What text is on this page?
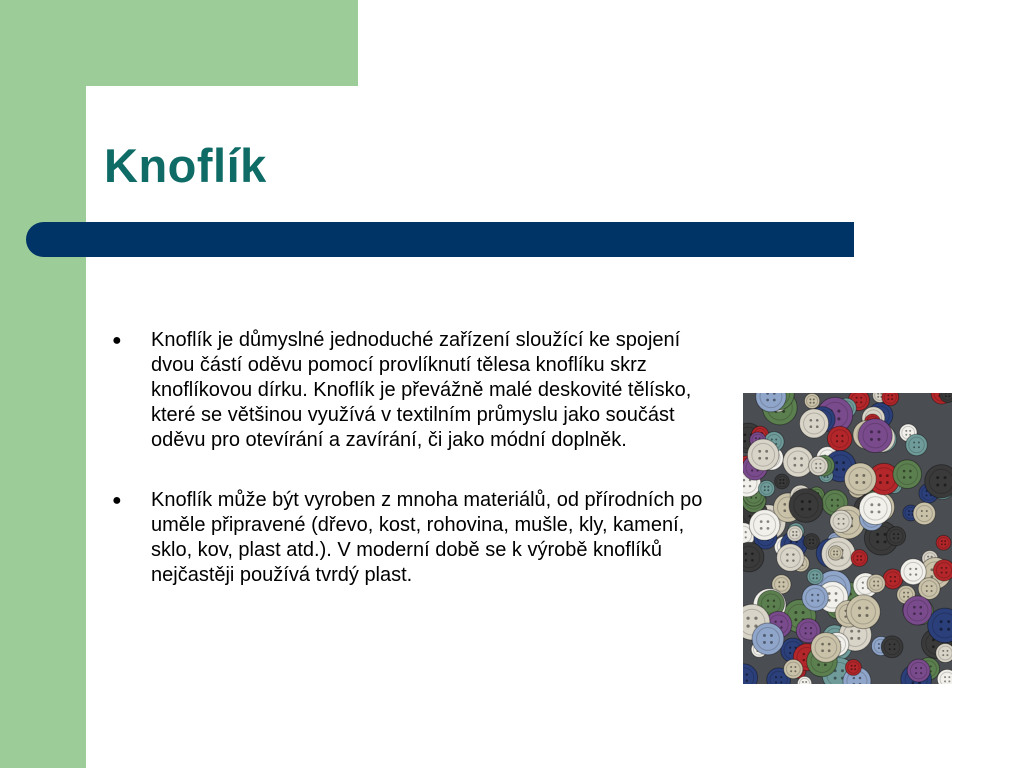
Knoflík
●	Knoflík je důmyslné jednoduché zařízení sloužící ke spojení dvou částí oděvu pomocí provlíknutí tělesa knoflíku skrz knoflíkovou dírku. Knoflík je převážně malé deskovité tělísko, které se většinou využívá v textilním průmyslu jako součást oděvu pro otevírání a zavírání, či jako módní doplněk.
●	Knoflík může být vyroben z mnoha materiálů, od přírodních po uměle připravené (dřevo, kost, rohovina, mušle, kly, kamení, sklo, kov, plast atd.). V moderní době se k výrobě knoflíků nejčastěji používá tvrdý plast.
